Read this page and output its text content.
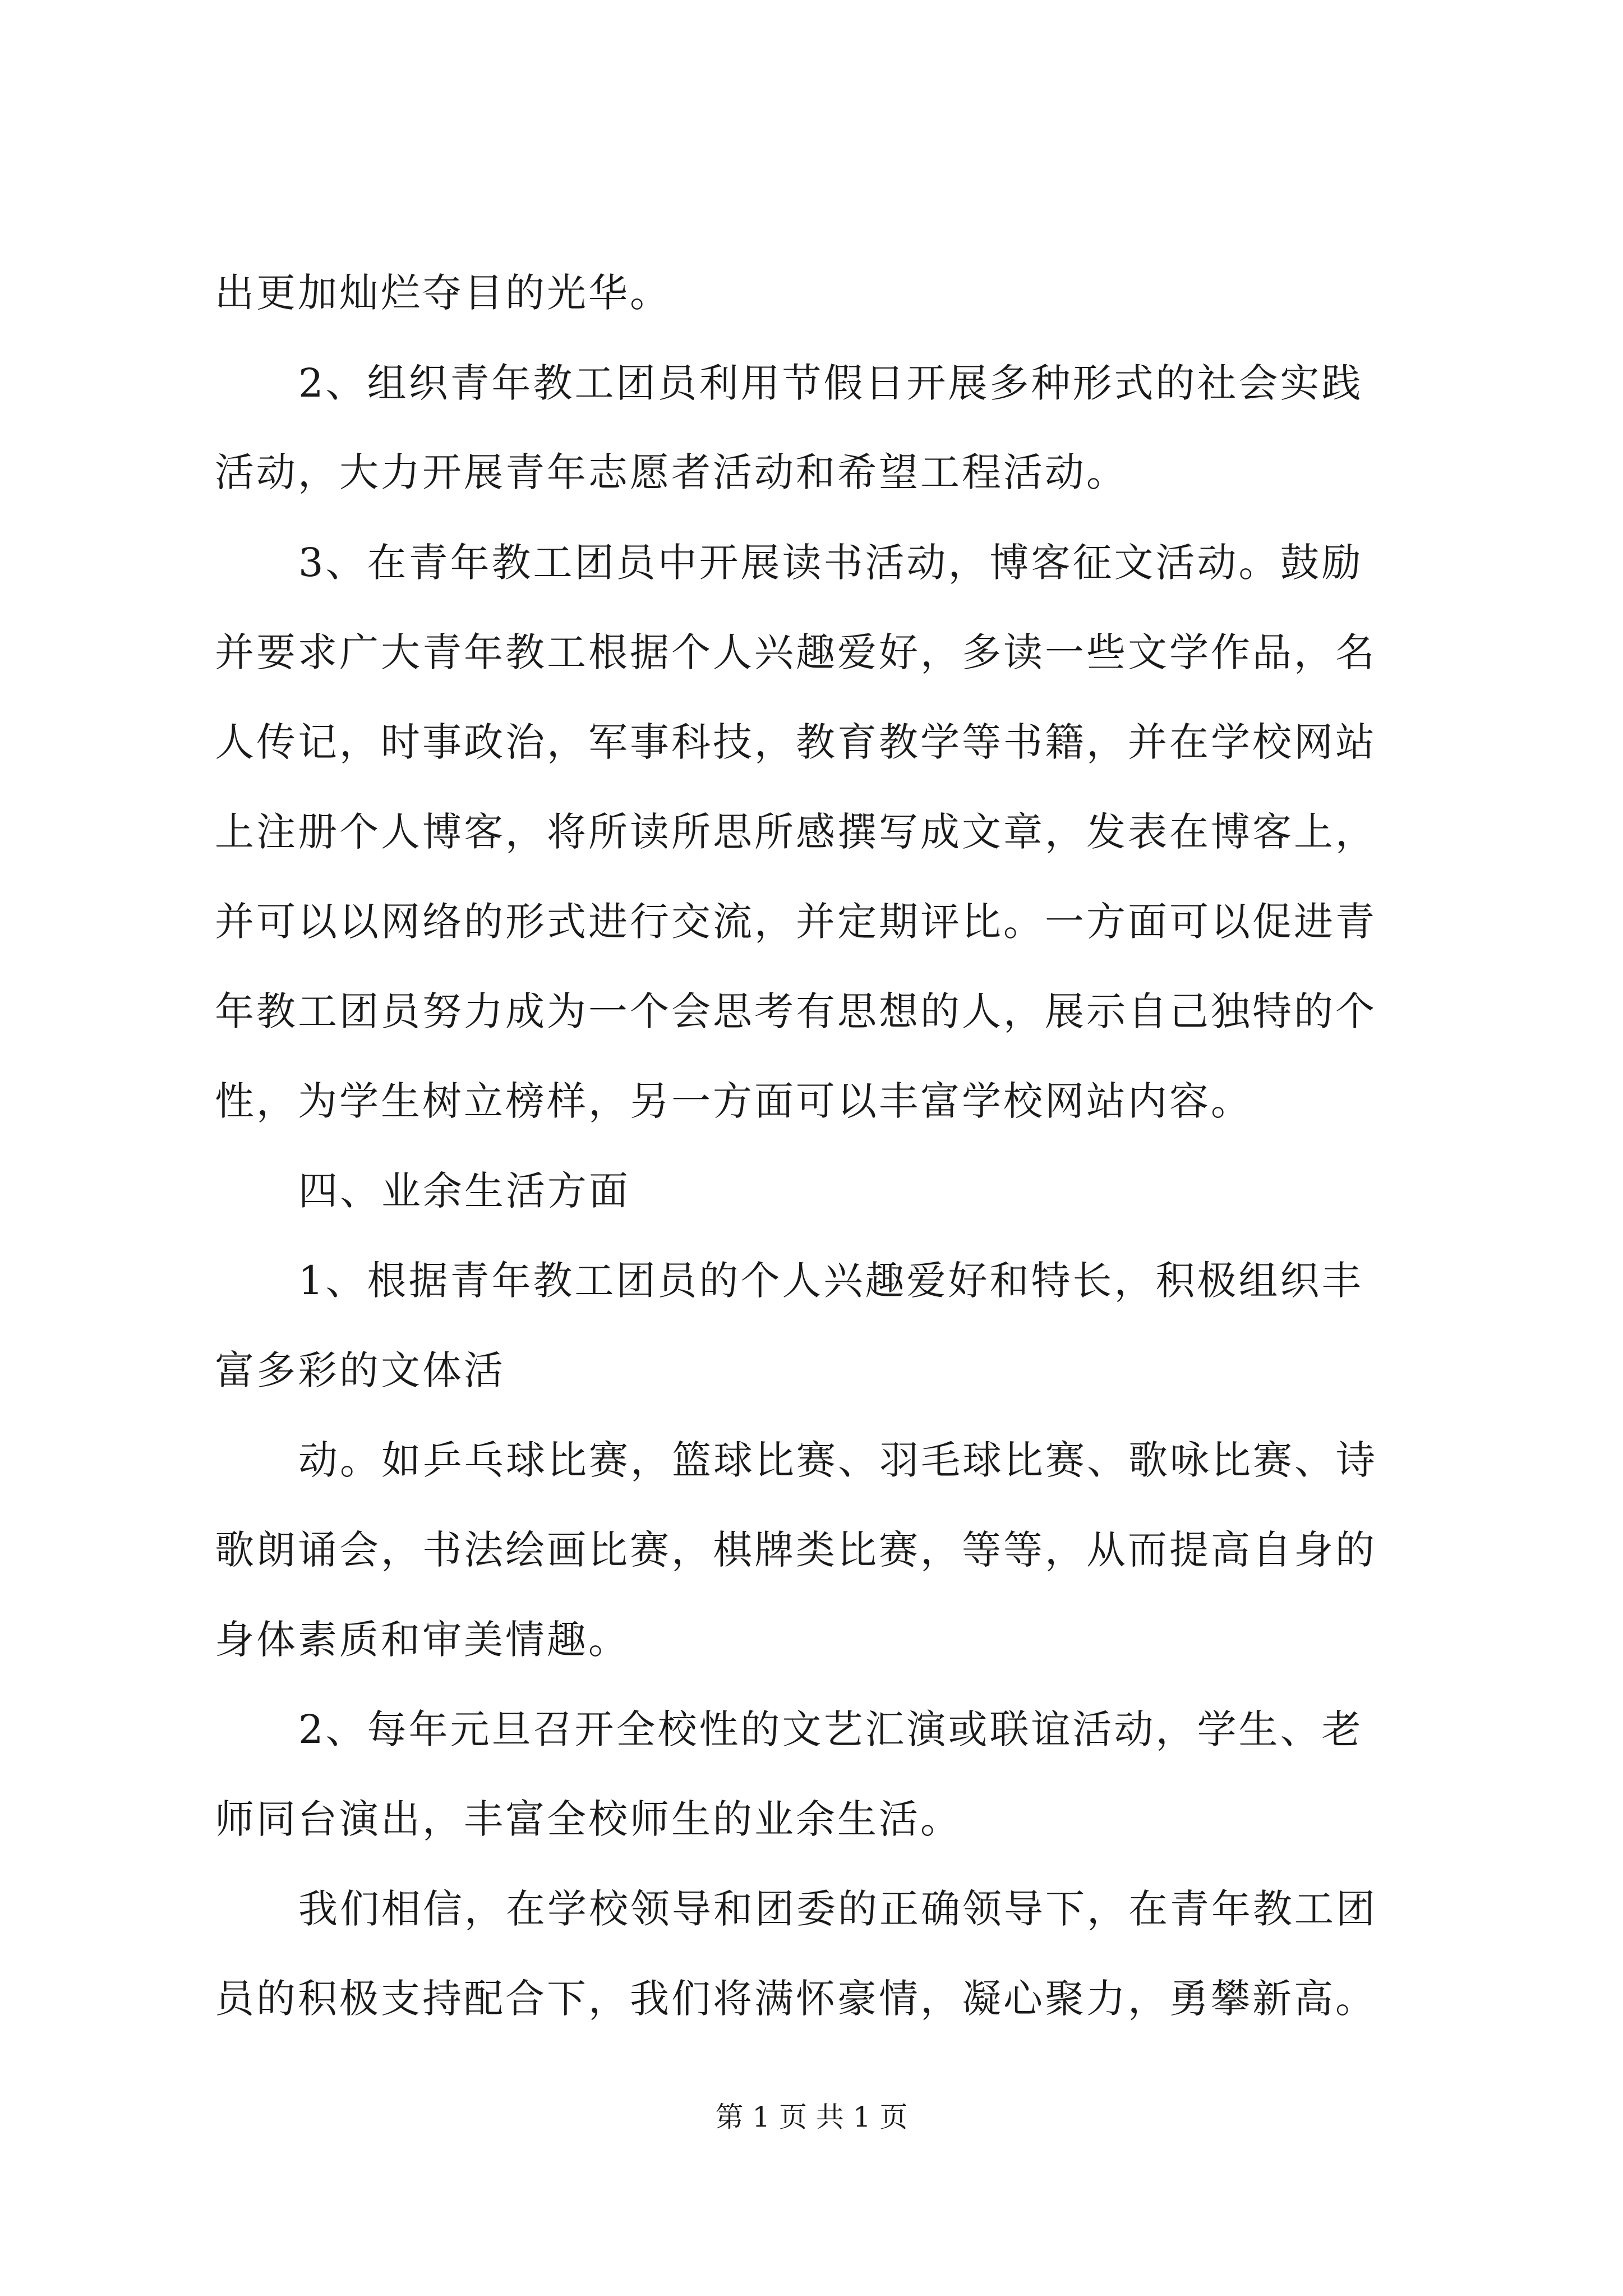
出更加灿烂夺目的光华。

2、组织青年教工团员利用节假日开展多种形式的社会实践

活动，大力开展青年志愿者活动和希望工程活动。

3、在青年教工团员中开展读书活动，博客征文活动。鼓励

并要求广大青年教工根据个人兴趣爱好，多读一些文学作品，名

人传记，时事政治，军事科技，教育教学等书籍，并在学校网站

上注册个人博客，将所读所思所感撰写成文章，发表在博客上，

并可以以网络的形式进行交流，并定期评比。一方面可以促进青

年教工团员努力成为一个会思考有思想的人，展示自己独特的个

性，为学生树立榜样，另一方面可以丰富学校网站内容。

四、业余生活方面

1、根据青年教工团员的个人兴趣爱好和特长，积极组织丰

富多彩的文体活

动。如乒乓球比赛，篮球比赛、羽毛球比赛、歌咏比赛、诗

歌朗诵会，书法绘画比赛，棋牌类比赛，等等，从而提高自身的

身体素质和审美情趣。

2、每年元旦召开全校性的文艺汇演或联谊活动，学生、老

师同台演出，丰富全校师生的业余生活。

我们相信，在学校领导和团委的正确领导下，在青年教工团

员的积极支持配合下，我们将满怀豪情，凝心聚力，勇攀新高。

第 1 页 共 1 页
